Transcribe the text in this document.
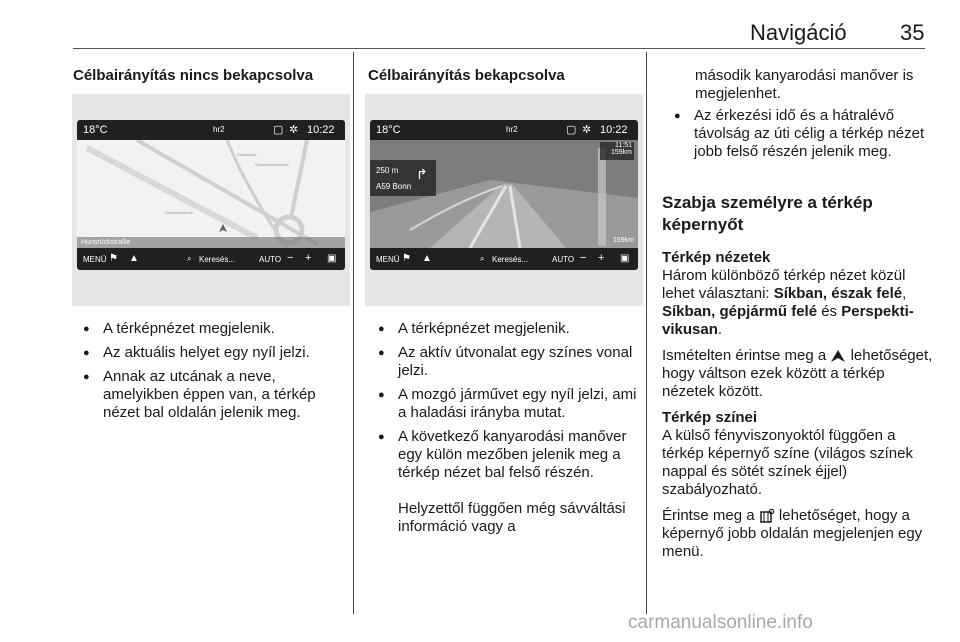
Navigáció 35
Célbairányítás nincs bekapcsolva
18°C	hr2	▢ ✲ 10:22
Saarstraße
Sudetenlandstraße
Hunsrückstraße
Hunsrückstraße
MENÜ ⚑ ▲	⌕ Keresés...	AUTO − + ▣
● A térképnézet megjelenik.
● Az aktuális helyet egy nyíl jelzi.
● Annak az utcának a neve, amelyikben éppen van, a térkép nézet bal oldalán jelenik meg.
Célbairányítás bekapcsolva
18°C	hr2	▢ ✲ 10:22
250 m
A59 Bonn
↱
11:51
159km
159km
MENÜ ⚑ ▲	⌕ Keresés...	AUTO − + ▣
● A térképnézet megjelenik.
● Az aktív útvonalat egy színes vonal jelzi.
● A mozgó járművet egy nyíl jelzi, ami a haladási irányba mutat.
● A következő kanyarodási manőver egy külön mezőben jelenik meg a térkép nézet bal felső részén.
Helyzettől függően még sávváltási információ vagy a
második kanyarodási manőver is megjelenhet.
● Az érkezési idő és a hátralévő távolság az úti célig a térkép nézet jobb felső részén jelenik meg.
Szabja személyre a térkép képernyőt
Térkép nézetek
Három különböző térkép nézet közül lehet választani: Síkban, észak felé, Síkban, gépjármű felé és Perspekti-vikusan.
Ismételten érintse meg a lehetőséget, hogy váltson ezek között a térkép nézetek között.
Térkép színei
A külső fényviszonyoktól függően a térkép képernyő színe (világos színek nappal és sötét színek éjjel) szabályozható.
Érintse meg a lehetőséget, hogy a képernyő jobb oldalán megjelenjen egy menü.
carmanualsonline.info
